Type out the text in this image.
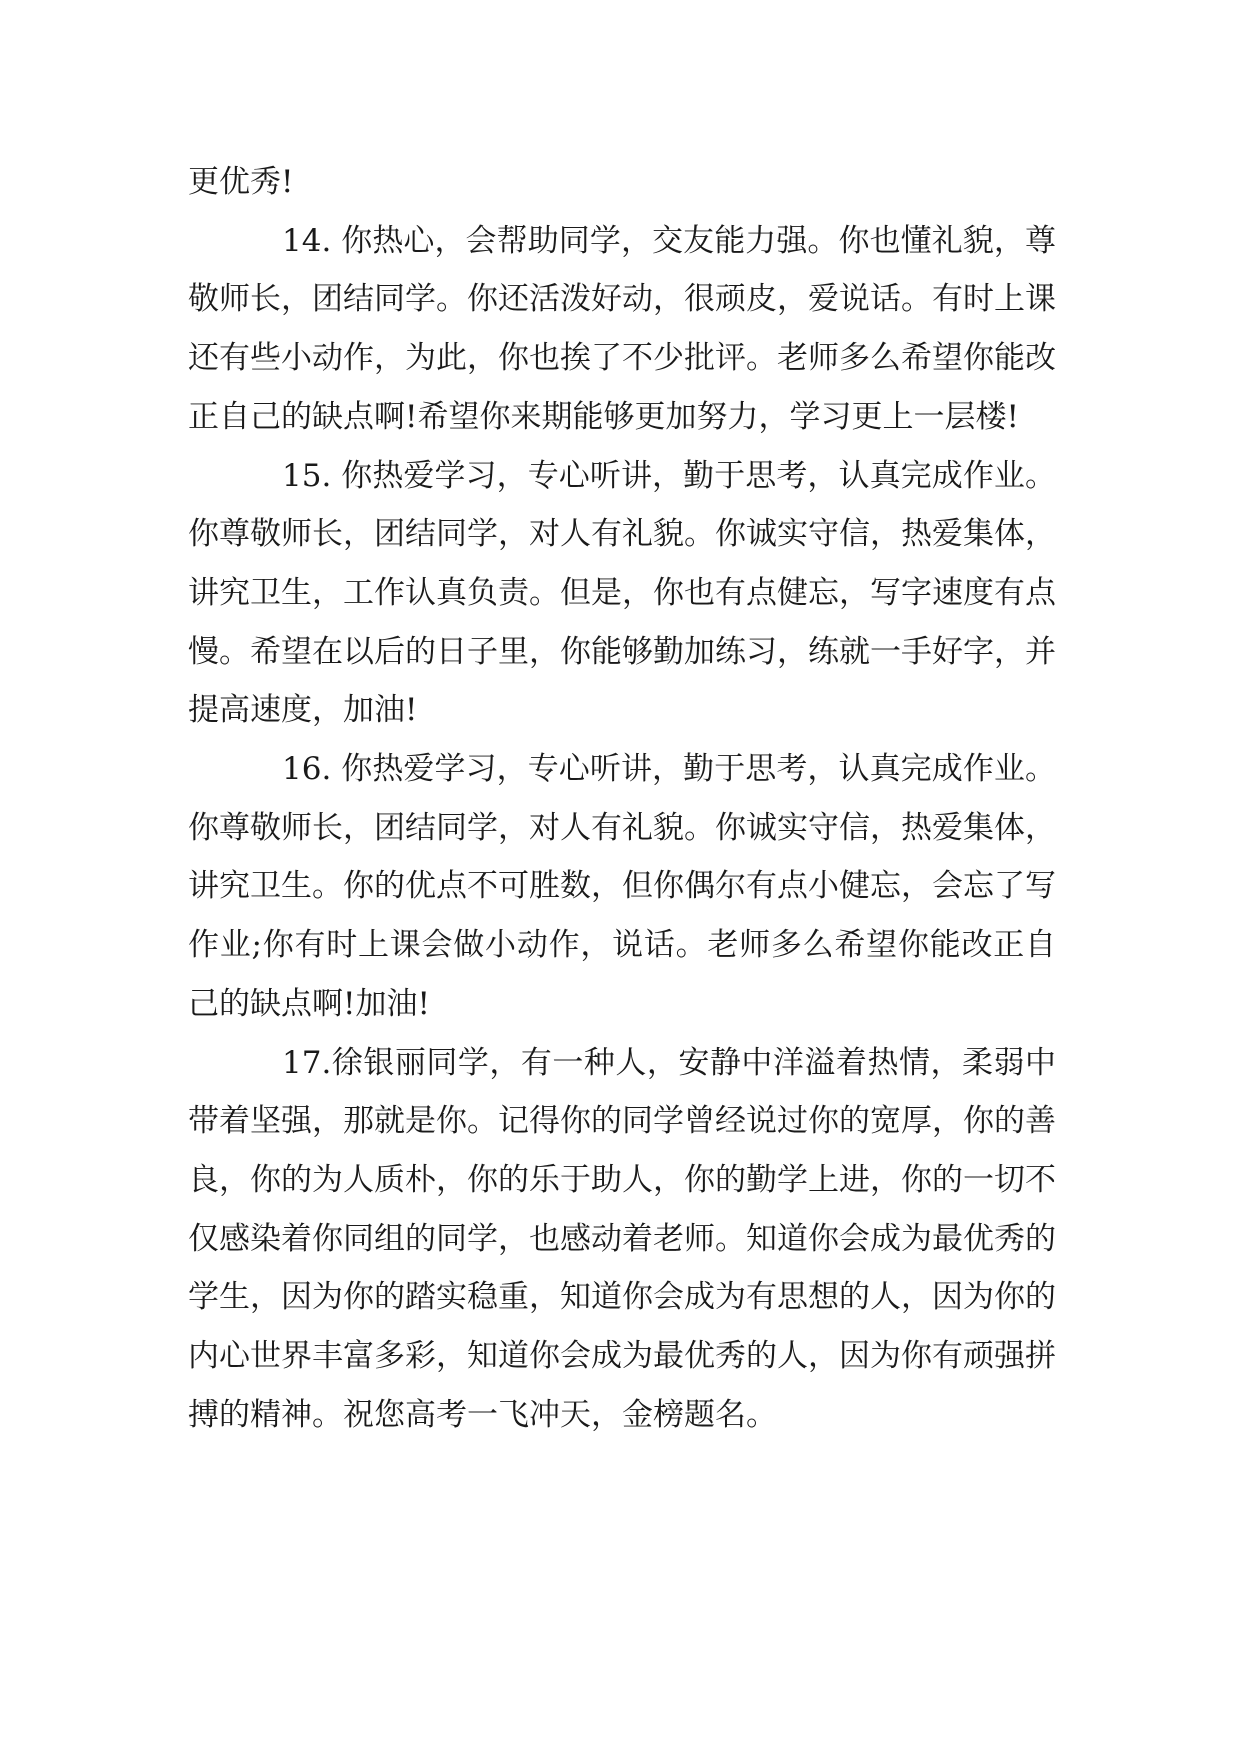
更优秀!

14. 你热心，会帮助同学，交友能力强。你也懂礼貌，尊敬师长，团结同学。你还活泼好动，很顽皮，爱说话。有时上课还有些小动作，为此，你也挨了不少批评。老师多么希望你能改正自己的缺点啊!希望你来期能够更加努力，学习更上一层楼!

15. 你热爱学习，专心听讲，勤于思考，认真完成作业。你尊敬师长，团结同学，对人有礼貌。你诚实守信，热爱集体，讲究卫生，工作认真负责。但是，你也有点健忘，写字速度有点慢。希望在以后的日子里，你能够勤加练习，练就一手好字，并提高速度，加油!

16. 你热爱学习，专心听讲，勤于思考，认真完成作业。你尊敬师长，团结同学，对人有礼貌。你诚实守信，热爱集体，讲究卫生。你的优点不可胜数，但你偶尔有点小健忘，会忘了写作业;你有时上课会做小动作，说话。老师多么希望你能改正自己的缺点啊!加油!

17.徐银丽同学，有一种人，安静中洋溢着热情，柔弱中带着坚强，那就是你。记得你的同学曾经说过你的宽厚，你的善良，你的为人质朴，你的乐于助人，你的勤学上进，你的一切不仅感染着你同组的同学，也感动着老师。知道你会成为最优秀的学生，因为你的踏实稳重，知道你会成为有思想的人，因为你的内心世界丰富多彩，知道你会成为最优秀的人，因为你有顽强拼搏的精神。祝您高考一飞冲天，金榜题名。
